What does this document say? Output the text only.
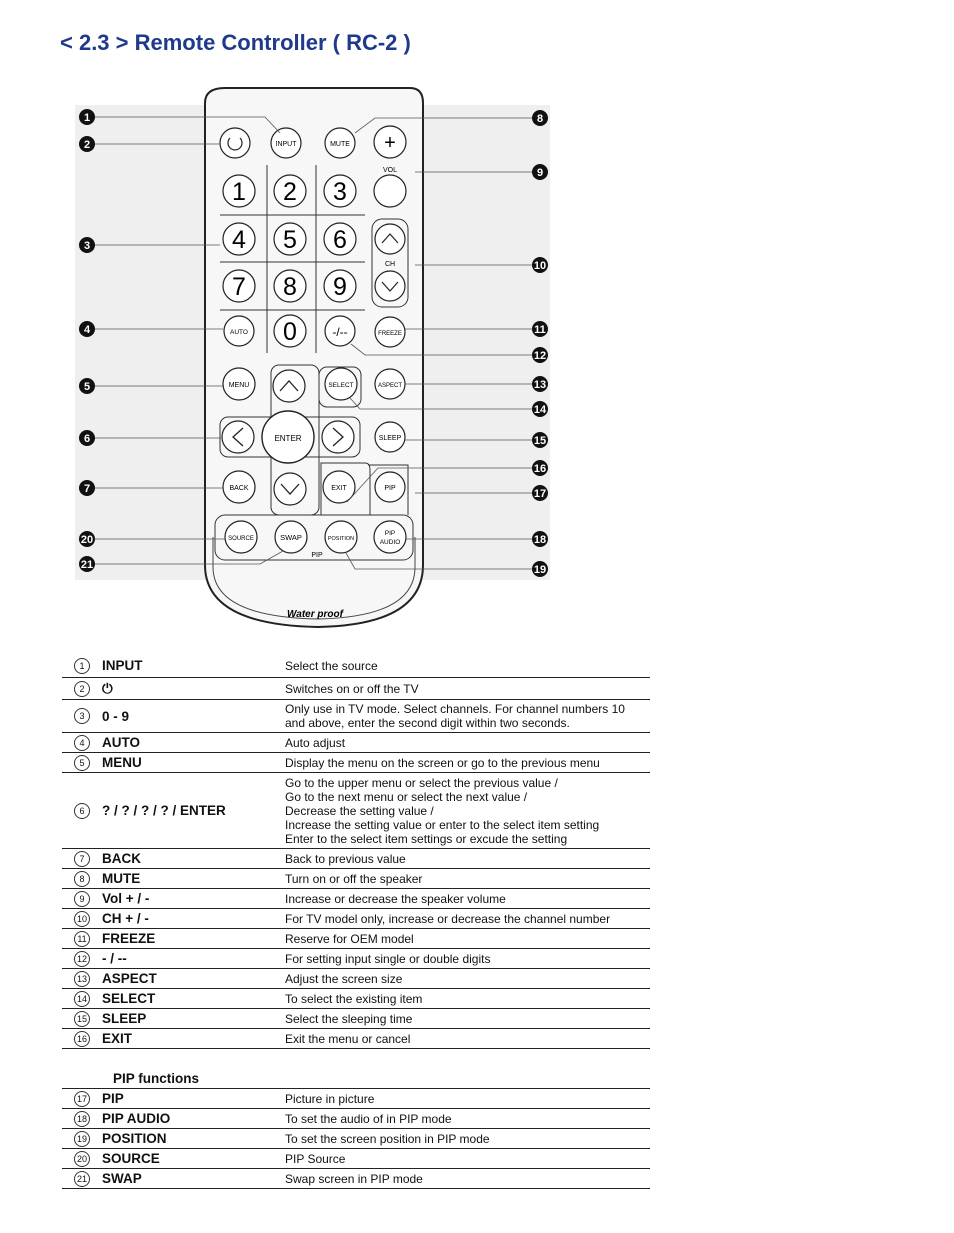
< 2.3 > Remote Controller ( RC-2 )
INPUT	MUTE +
VOL
1 2 3
4 5 6
7 8 9
0
CH
AUTO	-/--	FREEZE
MENU	SELECT	ASPECT
ENTER	SLEEP
BACK	EXIT	PIP
SOURCE	SWAP
PIP
POSITION
PIP
AUDIO
Water proof
1
2
3
4
5
6
7
8
9
10
11
12
13
14
15
16
17
18
19
20
21
1	INPUT	Select the source
2	⏻	Switches on or off the TV
3	0 - 9	Only use in TV mode. Select channels. For channel numbers 10
and above, enter the second digit within two seconds.
4	AUTO	Auto adjust
5	MENU	Display the menu on the screen or go to the previous menu
6	? / ? / ? / ? / ENTER
Go to the upper menu or select the previous value /
Go to the next menu or select the next value /
Decrease the setting value /
Increase the setting value or enter to the select item setting
Enter to the select item settings or excude the setting
7	BACK	Back to previous value
8	MUTE	Turn on or off the speaker
9	Vol + / -	Increase or decrease the speaker volume
10 CH + / -	For TV model only, increase or decrease the channel number
11 FREEZE	Reserve for OEM model
12 - / --	For setting input single or double digits
13 ASPECT	Adjust the screen size
14 SELECT	To select the existing item
15 SLEEP	Select the sleeping time
16 EXIT	Exit the menu or cancel
PIP functions
17 PIP	Picture in picture
18 PIP AUDIO	To set the audio of in PIP mode
19 POSITION	To set the screen position in PIP mode
20 SOURCE	PIP Source
21 SWAP	Swap screen in PIP mode
